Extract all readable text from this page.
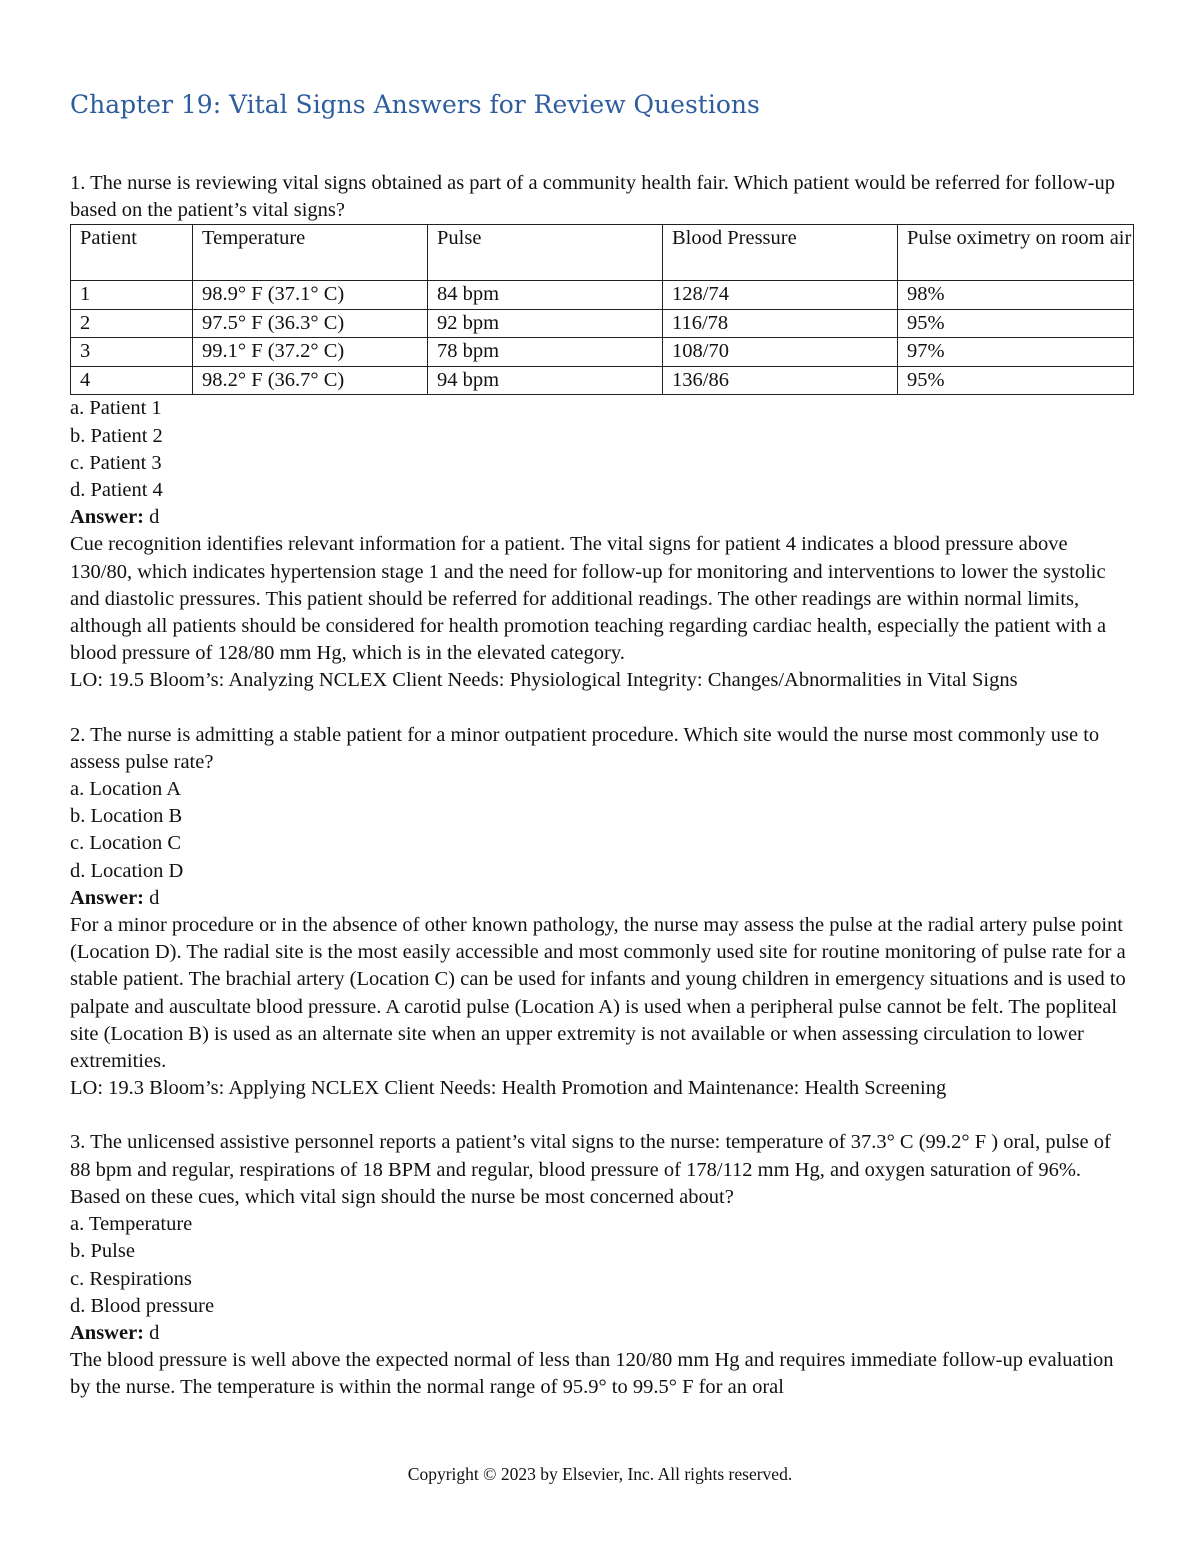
Chapter 19: Vital Signs Answers for Review Questions

1. The nurse is reviewing vital signs obtained as part of a community health fair. Which patient would be referred for follow-up based on the patient’s vital signs?

Patient	Temperature	Pulse	Blood Pressure	Pulse oximetry on room air
1	98.9° F (37.1° C)	84 bpm	128/74	98%
2	97.5° F (36.3° C)	92 bpm	116/78	95%
3	99.1° F (37.2° C)	78 bpm	108/70	97%
4	98.2° F (36.7° C)	94 bpm	136/86	95%

a. Patient 1

b. Patient 2

c. Patient 3

d. Patient 4

Answer: d

Cue recognition identifies relevant information for a patient. The vital signs for patient 4 indicates a blood pressure above 130/80, which indicates hypertension stage 1 and the need for follow-up for monitoring and interventions to lower the systolic and diastolic pressures. This patient should be referred for additional readings. The other readings are within normal limits, although all patients should be considered for health promotion teaching regarding cardiac health, especially the patient with a blood pressure of 128/80 mm Hg, which is in the elevated category.

LO: 19.5 Bloom’s: Analyzing NCLEX Client Needs: Physiological Integrity: Changes/Abnormalities in Vital Signs

2. The nurse is admitting a stable patient for a minor outpatient procedure. Which site would the nurse most commonly use to assess pulse rate?

a. Location A

b. Location B

c. Location C

d. Location D

Answer: d

For a minor procedure or in the absence of other known pathology, the nurse may assess the pulse at the radial artery pulse point (Location D). The radial site is the most easily accessible and most commonly used site for routine monitoring of pulse rate for a stable patient. The brachial artery (Location C) can be used for infants and young children in emergency situations and is used to palpate and auscultate blood pressure. A carotid pulse (Location A) is used when a peripheral pulse cannot be felt. The popliteal site (Location B) is used as an alternate site when an upper extremity is not available or when assessing circulation to lower extremities.

LO: 19.3 Bloom’s: Applying NCLEX Client Needs: Health Promotion and Maintenance: Health Screening

3. The unlicensed assistive personnel reports a patient’s vital signs to the nurse: temperature of 37.3° C (99.2° F ) oral, pulse of 88 bpm and regular, respirations of 18 BPM and regular, blood pressure of 178/112 mm Hg, and oxygen saturation of 96%. Based on these cues, which vital sign should the nurse be most concerned about?

a. Temperature

b. Pulse

c. Respirations

d. Blood pressure

Answer: d

The blood pressure is well above the expected normal of less than 120/80 mm Hg and requires immediate follow-up evaluation by the nurse. The temperature is within the normal range of 95.9° to 99.5° F for an oral

Copyright © 2023 by Elsevier, Inc. All rights reserved.
